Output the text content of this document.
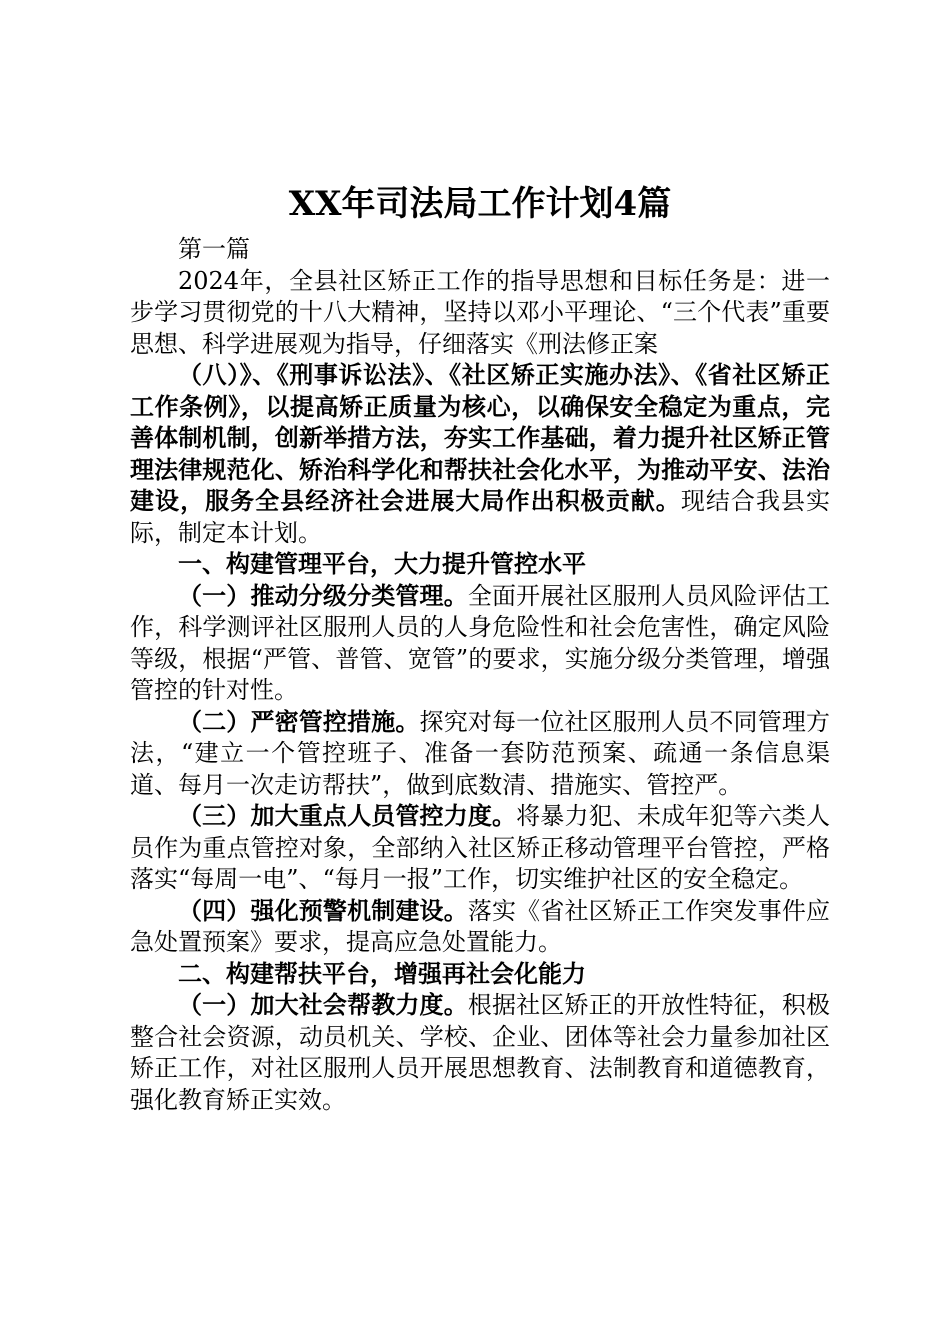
XX年司法局工作计划4篇

第一篇

2024年，全县社区矫正工作的指导思想和目标任务是：进一步学习贯彻党的十八大精神，坚持以邓小平理论、“三个代表”重要思想、科学进展观为指导，仔细落实《刑法修正案

（八）》、《刑事诉讼法》、《社区矫正实施办法》、《省社区矫正工作条例》，以提高矫正质量为核心，以确保安全稳定为重点，完善体制机制，创新举措方法，夯实工作基础，着力提升社区矫正管理法律规范化、矫治科学化和帮扶社会化水平，为推动平安、法治建设，服务全县经济社会进展大局作出积极贡献。现结合我县实际，制定本计划。

一、构建管理平台，大力提升管控水平

（一）推动分级分类管理。全面开展社区服刑人员风险评估工作，科学测评社区服刑人员的人身危险性和社会危害性，确定风险等级，根据“严管、普管、宽管”的要求，实施分级分类管理，增强管控的针对性。

（二）严密管控措施。探究对每一位社区服刑人员不同管理方法，“建立一个管控班子、准备一套防范预案、疏通一条信息渠道、每月一次走访帮扶”，做到底数清、措施实、管控严。

（三）加大重点人员管控力度。将暴力犯、未成年犯等六类人员作为重点管控对象，全部纳入社区矫正移动管理平台管控，严格落实“每周一电”、“每月一报”工作，切实维护社区的安全稳定。

（四）强化预警机制建设。落实《省社区矫正工作突发事件应急处置预案》要求，提高应急处置能力。

二、构建帮扶平台，增强再社会化能力

（一）加大社会帮教力度。根据社区矫正的开放性特征，积极整合社会资源，动员机关、学校、企业、团体等社会力量参加社区矫正工作，对社区服刑人员开展思想教育、法制教育和道德教育，强化教育矫正实效。
